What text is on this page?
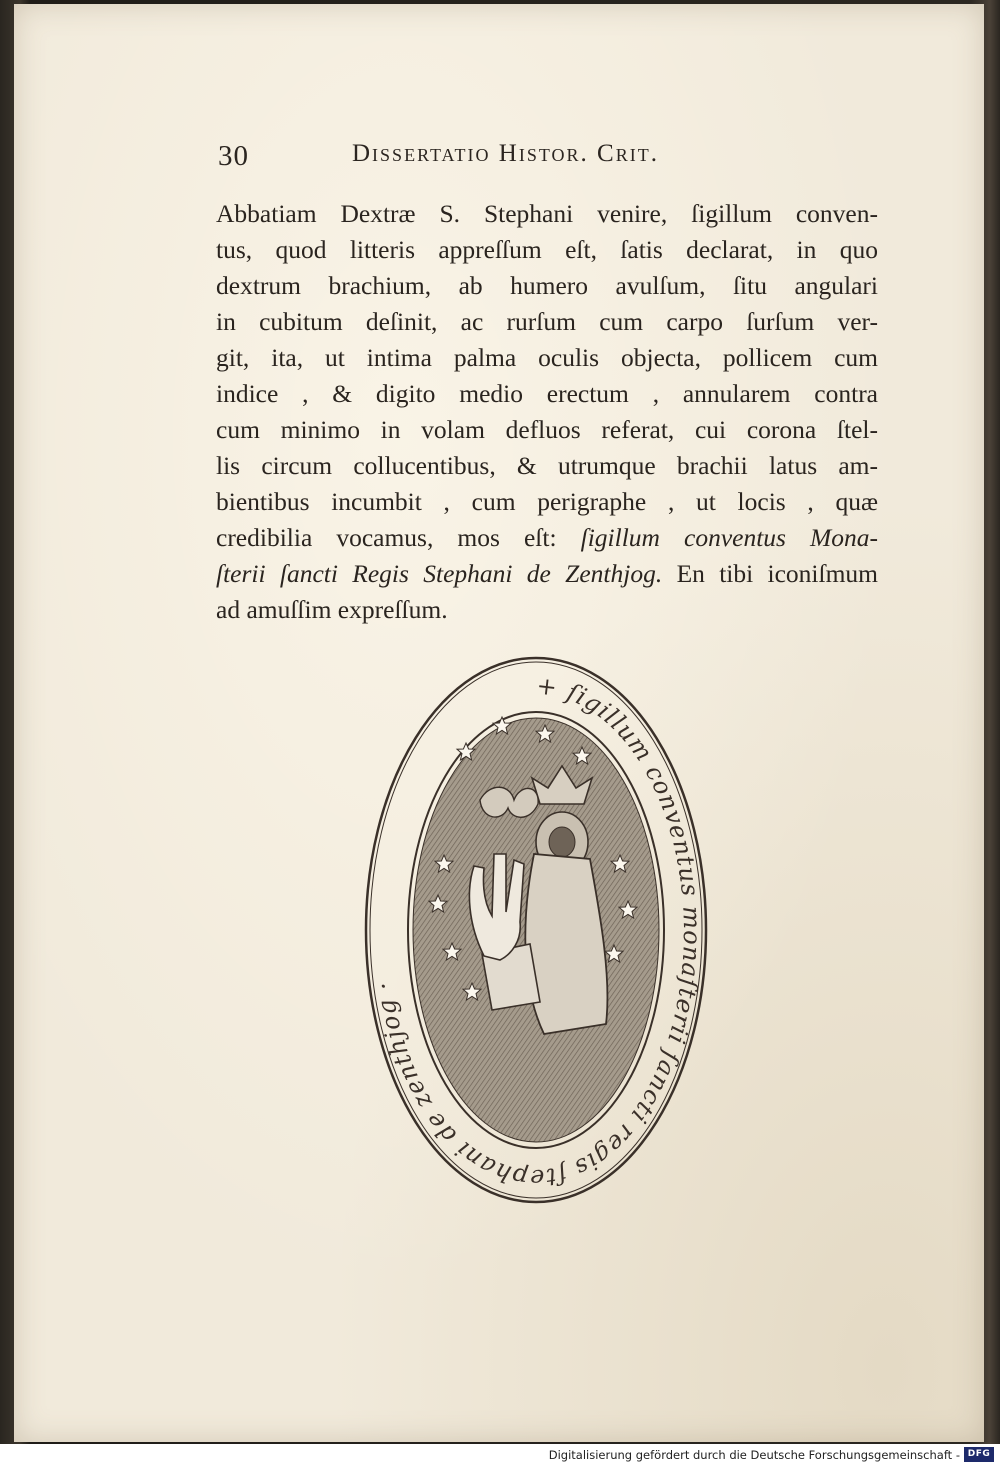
30	Dissertatio Histor. Crit.
Abbatiam Dextræ S. Stephani venire, ſigillum conven-
tus, quod litteris appreſſum eſt, ſatis declarat, in quo
dextrum brachium, ab humero avulſum, ſitu angulari
in cubitum deſinit, ac rurſum cum carpo ſurſum ver-
git, ita, ut intima palma oculis objecta, pollicem cum
indice , & digito medio erectum , annularem contra
cum minimo in volam defluos referat, cui corona ſtel-
lis circum collucentibus, & utrumque brachii latus am-
bientibus incumbit , cum perigraphe , ut locis , quæ
credibilia vocamus, mos eſt: ſigillum conventus Mona-
ſterii ſancti Regis Stephani de Zenthjog. En tibi iconiſmum
ad amuſſim expreſſum.
+ ſigillum conventus monaſterii ſancti regis ſtephani de zenthjog ·
Digitalisierung gefördert durch die Deutsche Forschungsgemeinschaft - DFG
